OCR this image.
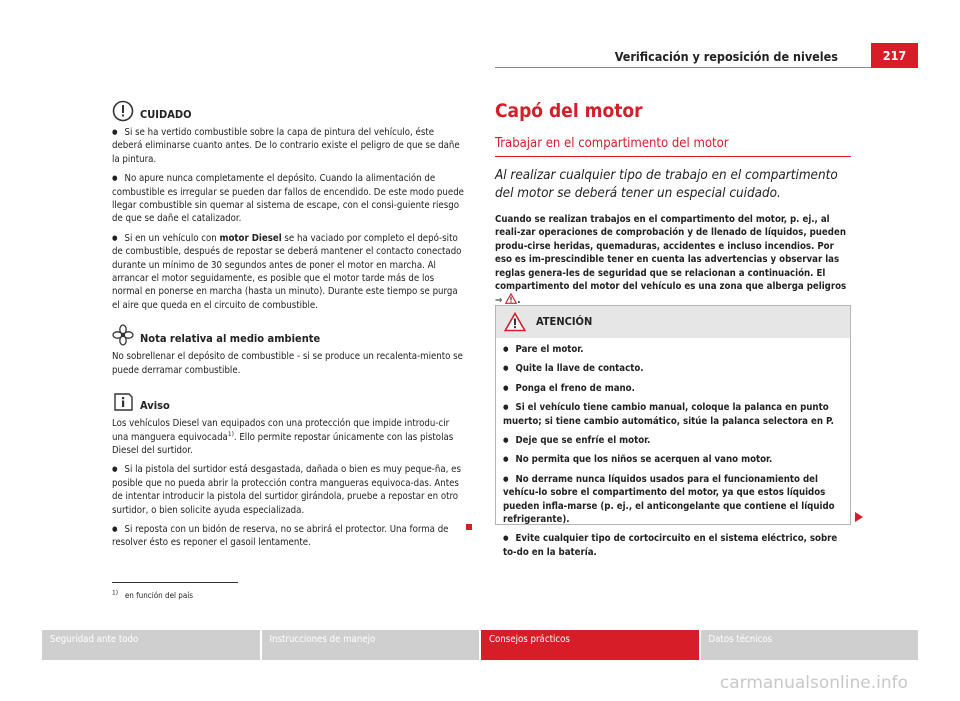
Verificación y reposición de niveles	217
CUIDADO
● Si se ha vertido combustible sobre la capa de pintura del vehículo, éste deberá eliminarse cuanto antes. De lo contrario existe el peligro de que se dañe la pintura.
● No apure nunca completamente el depósito. Cuando la alimentación de combustible es irregular se pueden dar fallos de encendido. De este modo puede llegar combustible sin quemar al sistema de escape, con el consi-guiente riesgo de que se dañe el catalizador.
● Si en un vehículo con motor Diesel se ha vaciado por completo el depó-sito de combustible, después de repostar se deberá mantener el contacto conectado durante un mínimo de 30 segundos antes de poner el motor en marcha. Al arrancar el motor seguidamente, es posible que el motor tarde más de los normal en ponerse en marcha (hasta un minuto). Durante este tiempo se purga el aire que queda en el circuito de combustible.
Nota relativa al medio ambiente
No sobrellenar el depósito de combustible - si se produce un recalenta-miento se puede derramar combustible.
Aviso
Los vehículos Diesel van equipados con una protección que impide introdu-cir una manguera equivocada$^{1)}$. Ello permite repostar únicamente con las pistolas Diesel del surtidor.
● Si la pistola del surtidor está desgastada, dañada o bien es muy peque-ña, es posible que no pueda abrir la protección contra mangueras equivoca-das. Antes de intentar introducir la pistola del surtidor girándola, pruebe a repostar en otro surtidor, o bien solicite ayuda especializada.
● Si reposta con un bidón de reserva, no se abrirá el protector. Una forma de resolver ésto es reponer el gasoil lentamente.
Capó del motor
Trabajar en el compartimento del motor
Al realizar cualquier tipo de trabajo en el compartimento del motor se deberá tener un especial cuidado.
Cuando se realizan trabajos en el compartimento del motor, p. ej., al reali-zar operaciones de comprobación y de llenado de líquidos, pueden produ-cirse heridas, quemaduras, accidentes e incluso incendios. Por eso es im-prescindible tener en cuenta las advertencias y observar las reglas genera-les de seguridad que se relacionan a continuación. El compartimento del motor del vehículo es una zona que alberga peligros ⇒ .
ATENCIÓN
● Pare el motor.
● Quite la llave de contacto.
● Ponga el freno de mano.
● Si el vehículo tiene cambio manual, coloque la palanca en punto muerto; si tiene cambio automático, sitúe la palanca selectora en P.
● Deje que se enfríe el motor.
● No permita que los niños se acerquen al vano motor.
● No derrame nunca líquidos usados para el funcionamiento del vehícu-lo sobre el compartimento del motor, ya que estos líquidos pueden infla-marse (p. ej., el anticongelante que contiene el líquido refrigerante).
● Evite cualquier tipo de cortocircuito en el sistema eléctrico, sobre to-do en la batería.
$^{1)}$ en función del país
Seguridad ante todo	Instrucciones de manejo	Consejos prácticos	Datos técnicos
carmanualsonline.info
